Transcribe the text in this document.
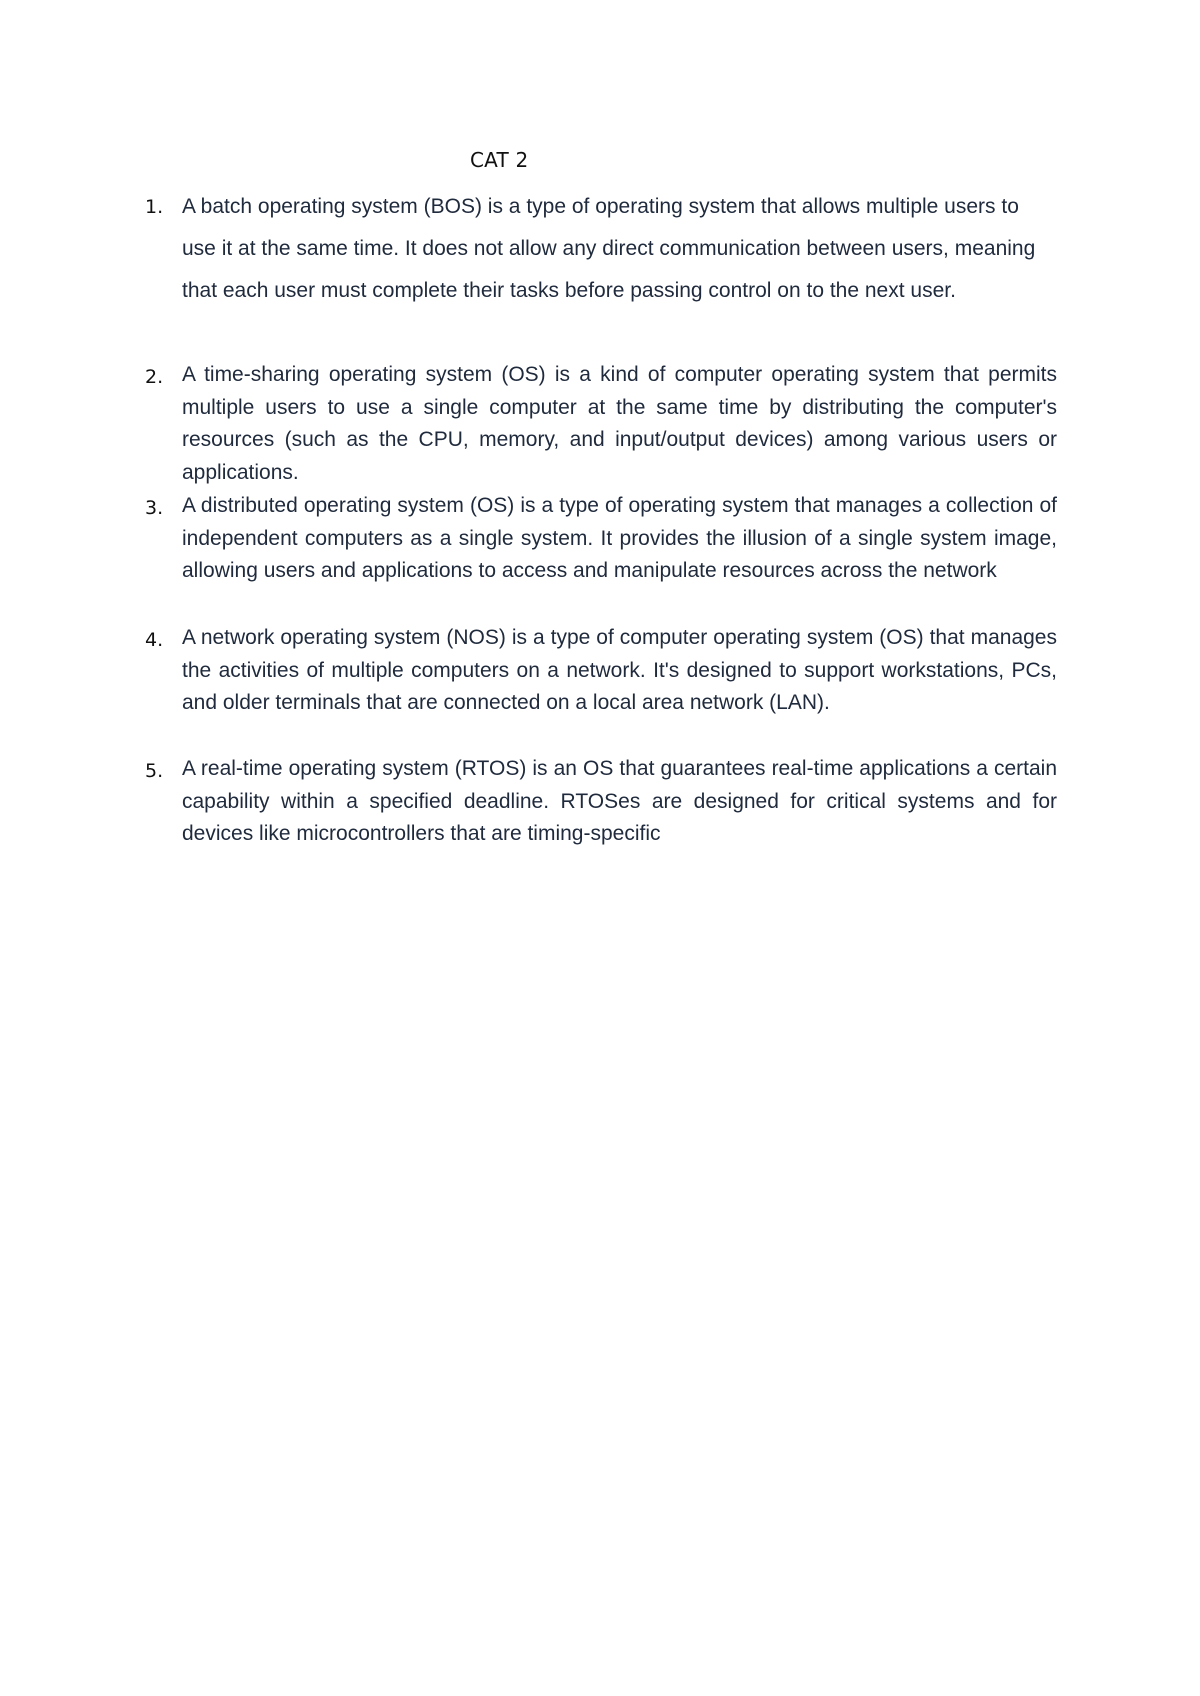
CAT 2
1. A batch operating system (BOS) is a type of operating system that allows multiple users to use it at the same time. It does not allow any direct communication between users, meaning that each user must complete their tasks before passing control on to the next user.
2. A time-sharing operating system (OS) is a kind of computer operating system that permits multiple users to use a single computer at the same time by distributing the computer's resources (such as the CPU, memory, and input/output devices) among various users or applications.
3. A distributed operating system (OS) is a type of operating system that manages a collection of independent computers as a single system. It provides the illusion of a single system image, allowing users and applications to access and manipulate resources across the network
4. A network operating system (NOS) is a type of computer operating system (OS) that manages the activities of multiple computers on a network. It's designed to support workstations, PCs, and older terminals that are connected on a local area network (LAN).
5. A real-time operating system (RTOS) is an OS that guarantees real-time applications a certain capability within a specified deadline. RTOSes are designed for critical systems and for devices like microcontrollers that are timing-specific
